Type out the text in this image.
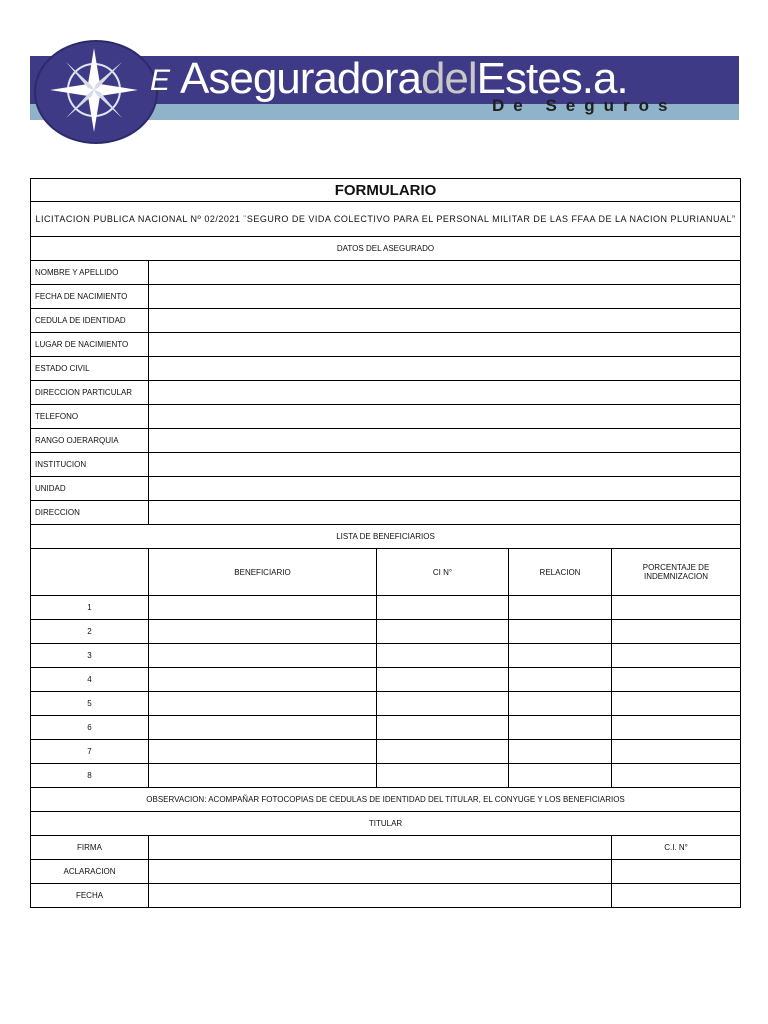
E AseguradoradelEstes.a.
De Seguros
FORMULARIO				
LICITACION PUBLICA NACIONAL Nº 02/2021 ¨SEGURO DE VIDA COLECTIVO PARA EL PERSONAL MILITAR DE LAS FFAA DE LA NACION PLURIANUAL”				
DATOS DEL ASEGURADO				
NOMBRE Y APELLIDO				
FECHA DE NACIMIENTO				
CEDULA DE IDENTIDAD				
LUGAR DE NACIMIENTO				
ESTADO CIVIL				
DIRECCION PARTICULAR				
TELEFONO				
RANGO OJERARQUIA				
INSTITUCION				
UNIDAD				
DIRECCION				
LISTA DE BENEFICIARIOS				
	BENEFICIARIO	CI N°	RELACION	PORCENTAJE DE INDEMNIZACION
1				
2				
3				
4				
5				
6				
7				
8				
OBSERVACION: ACOMPAÑAR FOTOCOPIAS DE CEDULAS DE IDENTIDAD DEL TITULAR, EL CONYUGE Y LOS BENEFICIARIOS				
TITULAR				
FIRMA				C.I. N°
ACLARACION				
FECHA				
